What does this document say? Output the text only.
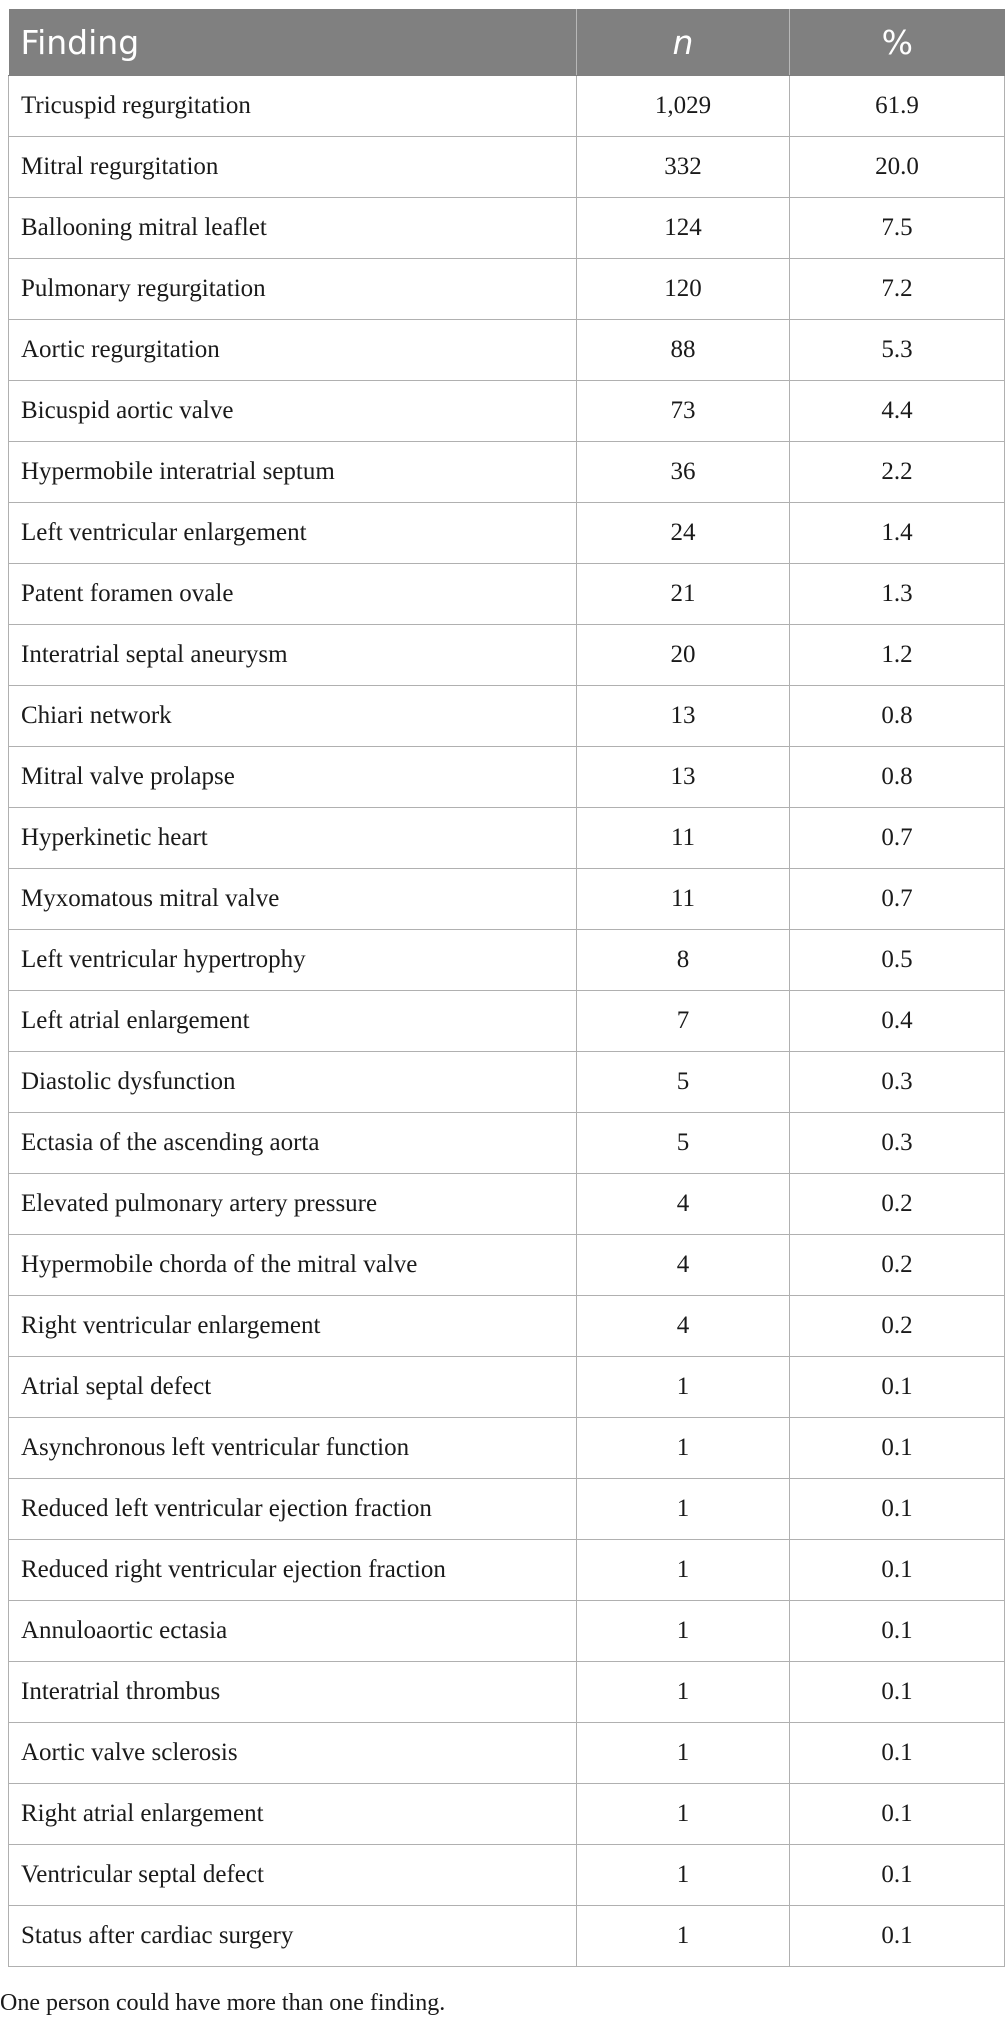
Finding	n	%
Tricuspid regurgitation	1,029	61.9
Mitral regurgitation	332	20.0
Ballooning mitral leaflet	124	7.5
Pulmonary regurgitation	120	7.2
Aortic regurgitation	88	5.3
Bicuspid aortic valve	73	4.4
Hypermobile interatrial septum	36	2.2
Left ventricular enlargement	24	1.4
Patent foramen ovale	21	1.3
Interatrial septal aneurysm	20	1.2
Chiari network	13	0.8
Mitral valve prolapse	13	0.8
Hyperkinetic heart	11	0.7
Myxomatous mitral valve	11	0.7
Left ventricular hypertrophy	8	0.5
Left atrial enlargement	7	0.4
Diastolic dysfunction	5	0.3
Ectasia of the ascending aorta	5	0.3
Elevated pulmonary artery pressure	4	0.2
Hypermobile chorda of the mitral valve	4	0.2
Right ventricular enlargement	4	0.2
Atrial septal defect	1	0.1
Asynchronous left ventricular function	1	0.1
Reduced left ventricular ejection fraction	1	0.1
Reduced right ventricular ejection fraction	1	0.1
Annuloaortic ectasia	1	0.1
Interatrial thrombus	1	0.1
Aortic valve sclerosis	1	0.1
Right atrial enlargement	1	0.1
Ventricular septal defect	1	0.1
Status after cardiac surgery	1	0.1
One person could have more than one finding.
